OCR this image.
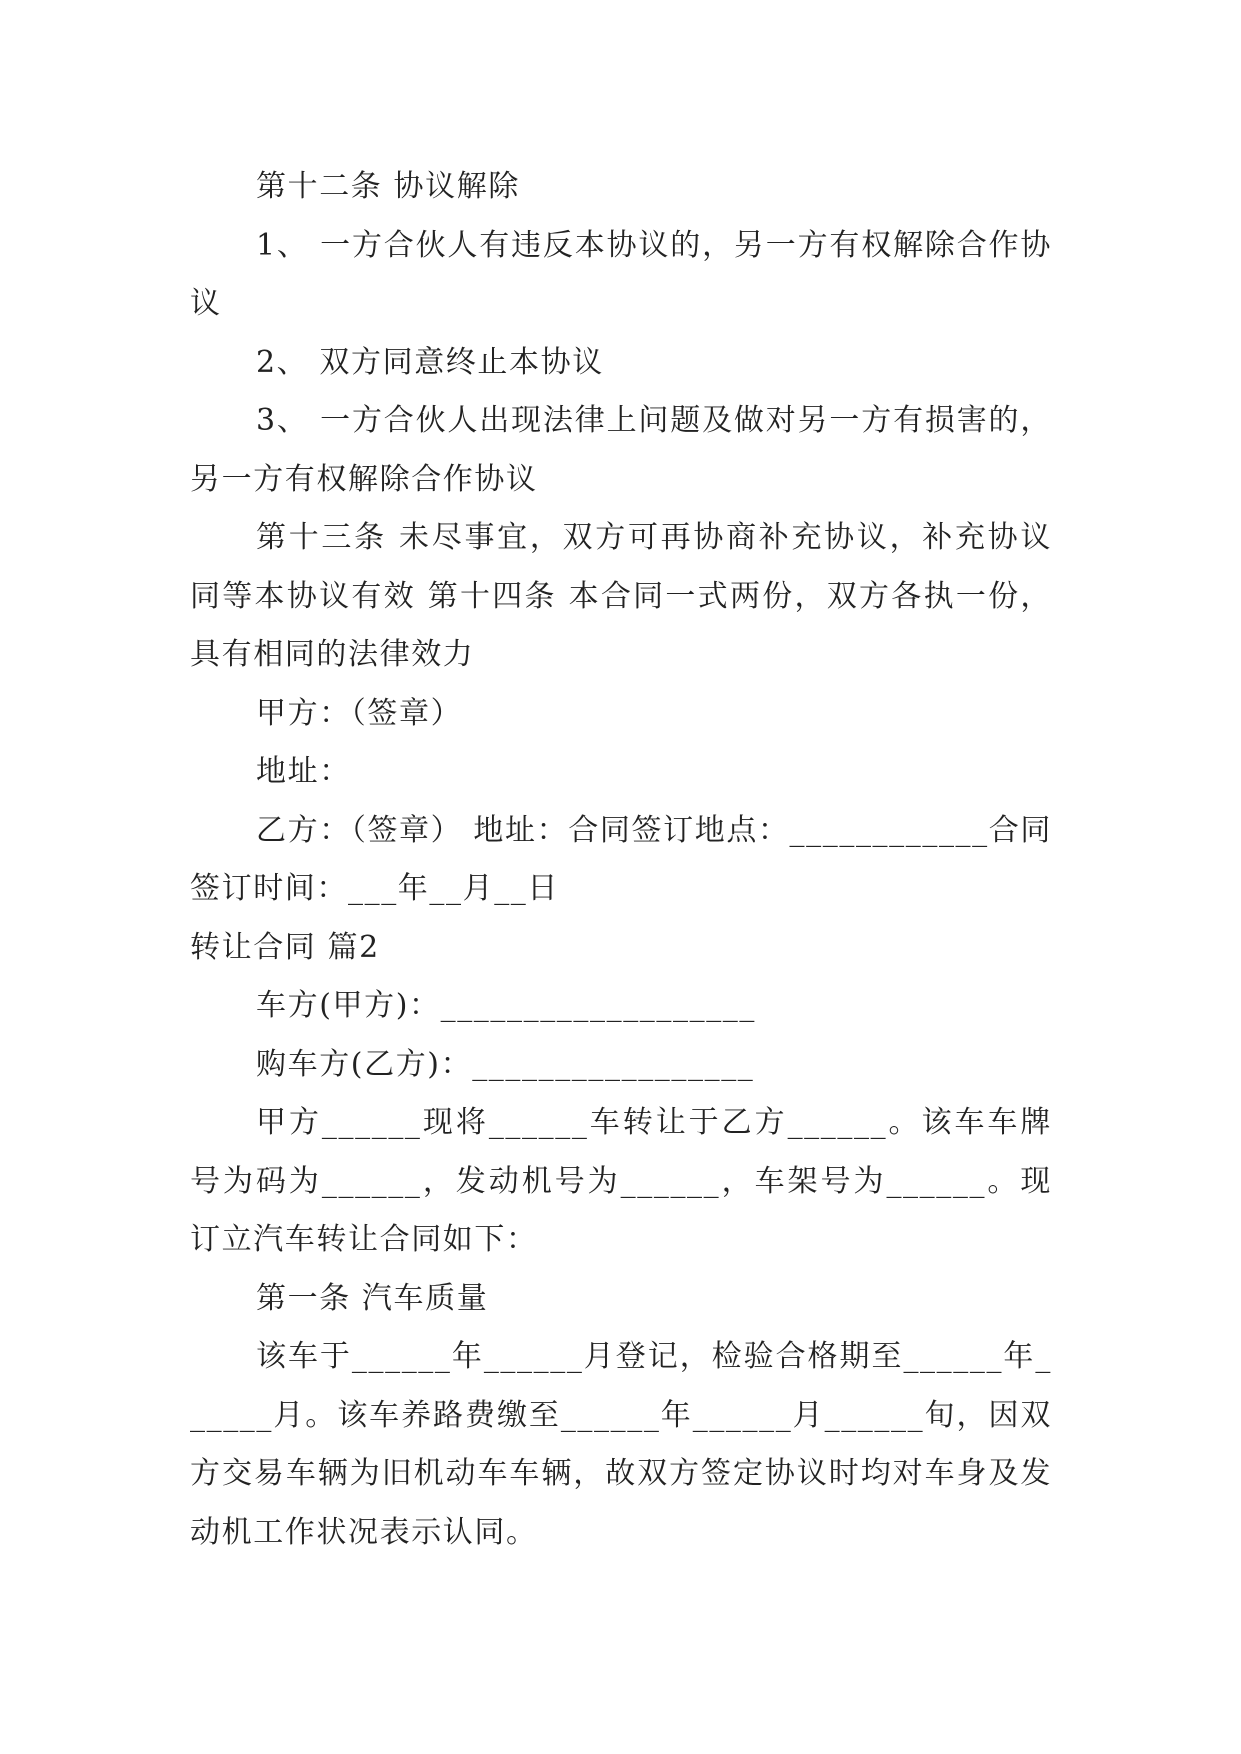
第十二条 协议解除

1、 一方合伙人有违反本协议的，另一方有权解除合作协议

2、 双方同意终止本协议

3、 一方合伙人出现法律上问题及做对另一方有损害的，另一方有权解除合作协议

第十三条 未尽事宜，双方可再协商补充协议，补充协议同等本协议有效 第十四条 本合同一式两份，双方各执一份，具有相同的法律效力

甲方：（签章）

地址：

乙方：（签章） 地址：合同签订地点：____________合同签订时间：___年__月__日

转让合同 篇2

车方(甲方)：___________________

购车方(乙方)：_________________

甲方______现将______车转让于乙方______。该车车牌号为码为______，发动机号为______，车架号为______。现订立汽车转让合同如下：

第一条 汽车质量

该车于______年______月登记，检验合格期至______年______月。该车养路费缴至______年______月______旬，因双方交易车辆为旧机动车车辆，故双方签定协议时均对车身及发动机工作状况表示认同。
